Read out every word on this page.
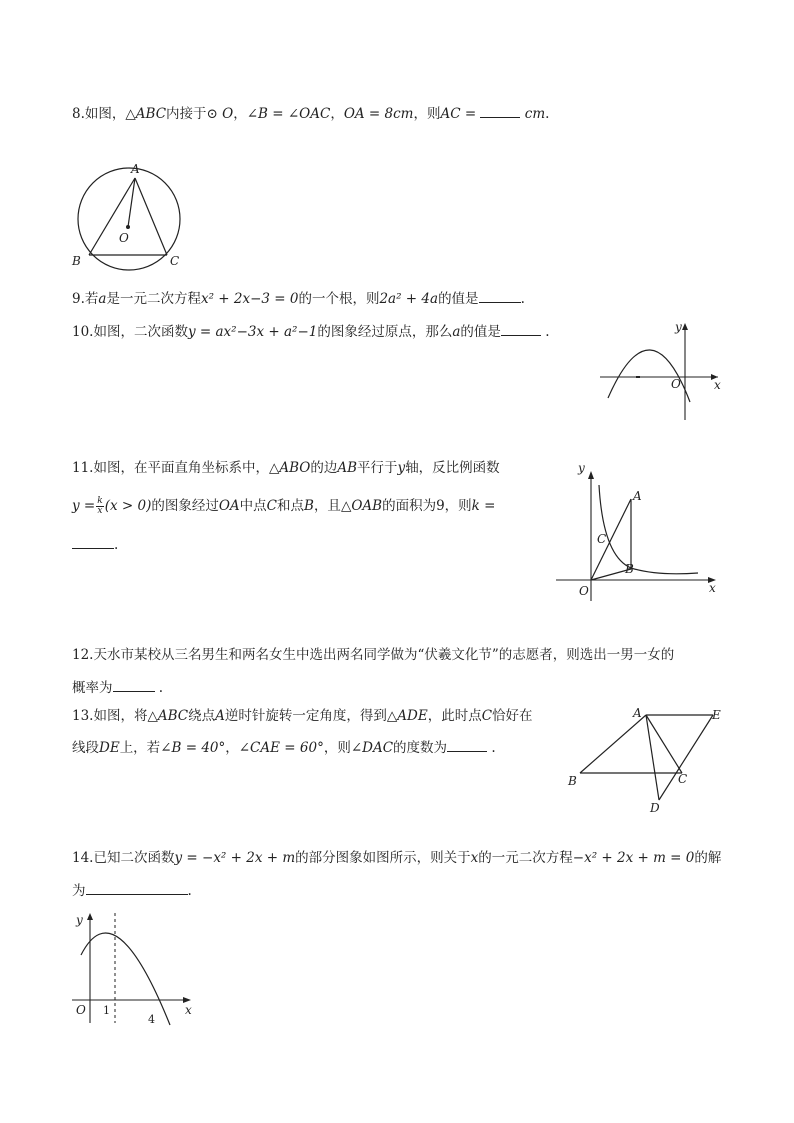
8.如图，△ABC内接于⊙ O，∠B = ∠OAC，OA = 8cm，则AC =	cm.
A
B	C
O
9.若a是一元二次方程x² + 2x−3 = 0的一个根，则2a² + 4a的值是	.
10.如图，二次函数y = ax²−3x + a²−1的图象经过原点，那么a的值是	.	y
x
O
11.如图，在平面直角坐标系中，△ABO的边AB平行于y轴，反比例函数
$y = \frac{k}{x} (x > 0)$的图象经过OA中点C和点B，且△OAB的面积为9，则k =
.
y
x
O
A
C
B
12.天水市某校从三名男生和两名女生中选出两名同学做为“伏羲文化节”的志愿者，则选出一男一女的
概率为	.
13.如图，将△ABC绕点A逆时针旋转一定角度，得到△ADE，此时点C恰好在
线段DE上，若∠B = 40°，∠CAE = 60°，则∠DAC的度数为	.
A	E
B	C
D
14.已知二次函数y = −x² + 2x + m的部分图象如图所示，则关于x的一元二次方程−x² + 2x + m = 0的解
为	.
y
x
O 1
4
